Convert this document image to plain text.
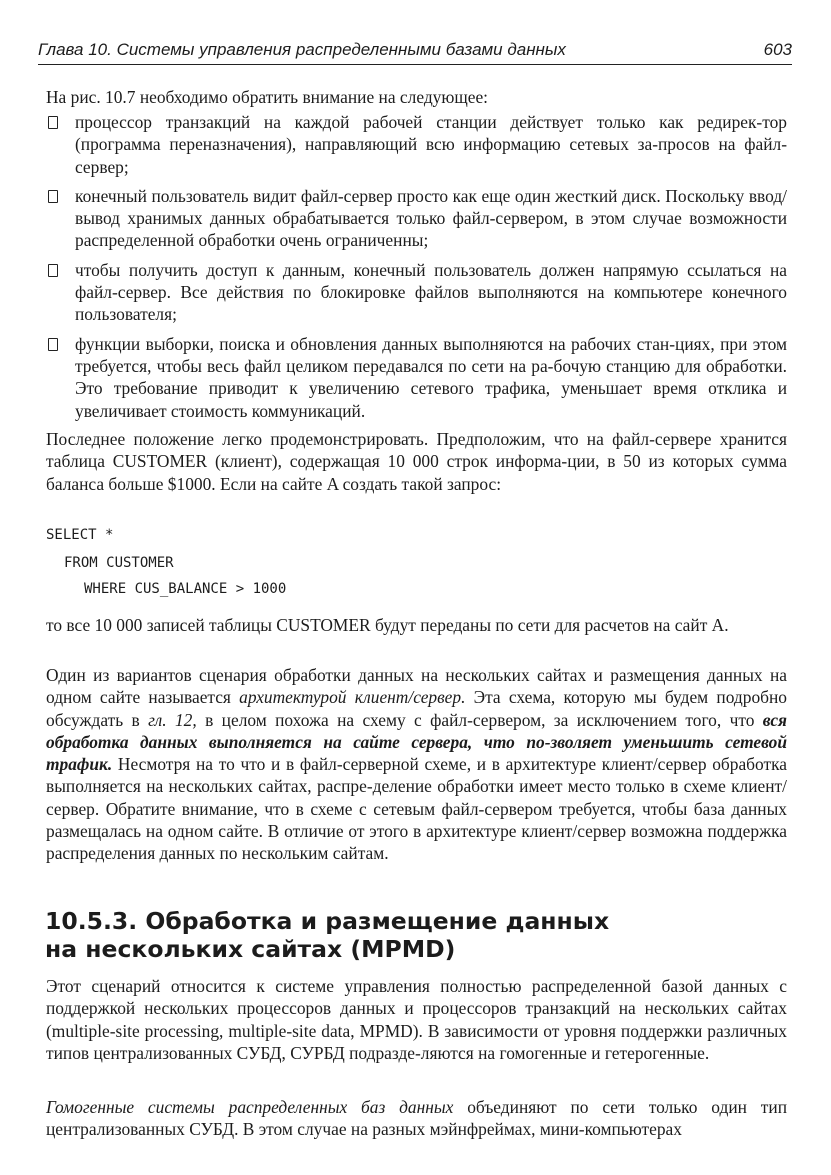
Глава 10. Системы управления распределенными базами данных	603

На рис. 10.7 необходимо обратить внимание на следующее:

процессор транзакций на каждой рабочей станции действует только как редирек-тор (программа переназначения), направляющий всю информацию сетевых за-просов на файл-сервер;
конечный пользователь видит файл-сервер просто как еще один жесткий диск. Поскольку ввод/вывод хранимых данных обрабатывается только файл-сервером, в этом случае возможности распределенной обработки очень ограниченны;
чтобы получить доступ к данным, конечный пользователь должен напрямую ссылаться на файл-сервер. Все действия по блокировке файлов выполняются на компьютере конечного пользователя;
функции выборки, поиска и обновления данных выполняются на рабочих стан-циях, при этом требуется, чтобы весь файл целиком передавался по сети на ра-бочую станцию для обработки. Это требование приводит к увеличению сетевого трафика, уменьшает время отклика и увеличивает стоимость коммуникаций.

Последнее положение легко продемонстрировать. Предположим, что на файл-сервере хранится таблица CUSTOMER (клиент), содержащая 10 000 строк информа-ции, в 50 из которых сумма баланса больше $1000. Если на сайте A создать такой запрос:

SELECT *
FROM CUSTOMER
WHERE CUS_BALANCE > 1000

то все 10 000 записей таблицы CUSTOMER будут переданы по сети для расчетов на сайт A.

Один из вариантов сценария обработки данных на нескольких сайтах и размещения данных на одном сайте называется архитектурой клиент/сервер. Эта схема, которую мы будем подробно обсуждать в гл. 12, в целом похожа на схему с файл-сервером, за исключением того, что вся обработка данных выполняется на сайте сервера, что по-зволяет уменьшить сетевой трафик. Несмотря на то что и в файл-серверной схеме, и в архитектуре клиент/сервер обработка выполняется на нескольких сайтах, распре-деление обработки имеет место только в схеме клиент/сервер. Обратите внимание, что в схеме с сетевым файл-сервером требуется, чтобы база данных размещалась на одном сайте. В отличие от этого в архитектуре клиент/сервер возможна поддержка распределения данных по нескольким сайтам.

10.5.3. Обработка и размещение данных
на нескольких сайтах (MPMD)

Этот сценарий относится к системе управления полностью распределенной базой данных с поддержкой нескольких процессоров данных и процессоров транзакций на нескольких сайтах (multiple-site processing, multiple-site data, MPMD). В зависимости от уровня поддержки различных типов централизованных СУБД, СУРБД подразде-ляются на гомогенные и гетерогенные.

Гомогенные системы распределенных баз данных объединяют по сети только один тип централизованных СУБД. В этом случае на разных мэйнфреймах, мини-компьютерах
